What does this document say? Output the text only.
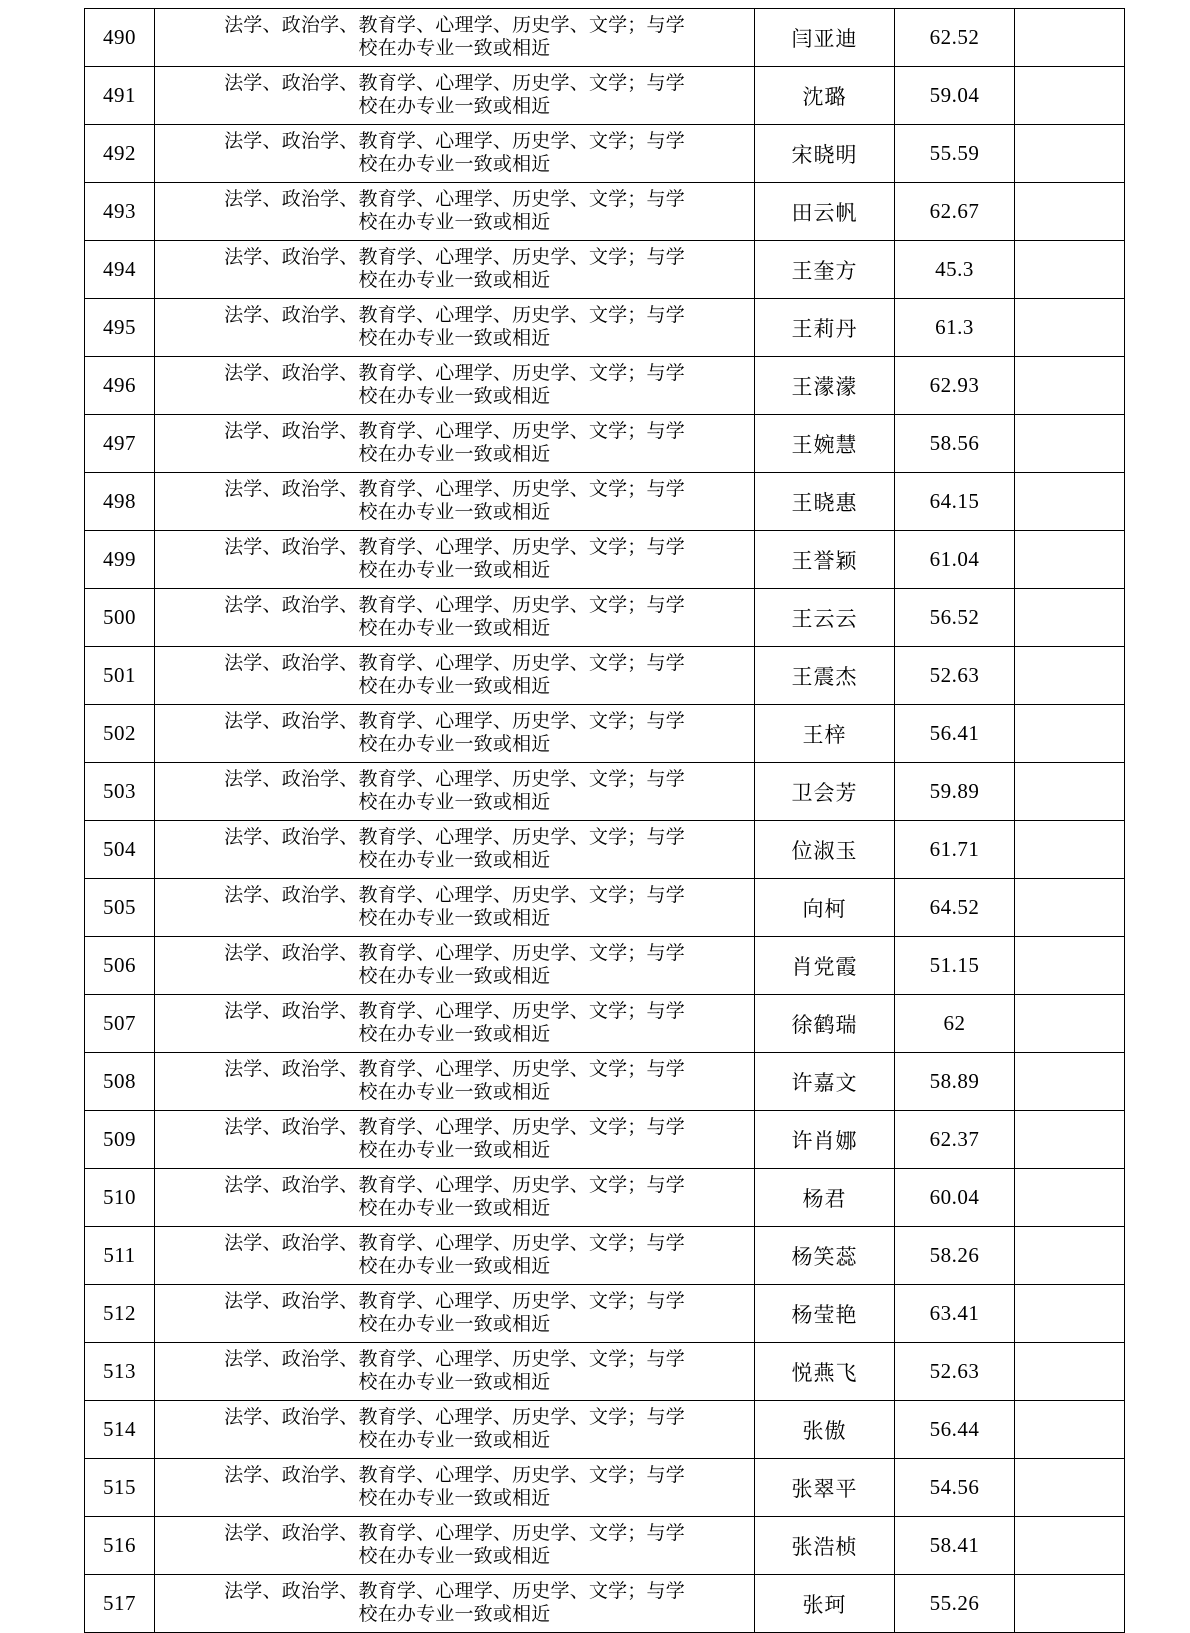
490	法学、政治学、教育学、心理学、历史学、文学；与学
校在办专业一致或相近	闫亚迪	62.52	
491	法学、政治学、教育学、心理学、历史学、文学；与学
校在办专业一致或相近	沈璐	59.04	
492	法学、政治学、教育学、心理学、历史学、文学；与学
校在办专业一致或相近	宋晓明	55.59	
493	法学、政治学、教育学、心理学、历史学、文学；与学
校在办专业一致或相近	田云帆	62.67	
494	法学、政治学、教育学、心理学、历史学、文学；与学
校在办专业一致或相近	王奎方	45.3	
495	法学、政治学、教育学、心理学、历史学、文学；与学
校在办专业一致或相近	王莉丹	61.3	
496	法学、政治学、教育学、心理学、历史学、文学；与学
校在办专业一致或相近	王濛濛	62.93	
497	法学、政治学、教育学、心理学、历史学、文学；与学
校在办专业一致或相近	王婉慧	58.56	
498	法学、政治学、教育学、心理学、历史学、文学；与学
校在办专业一致或相近	王晓惠	64.15	
499	法学、政治学、教育学、心理学、历史学、文学；与学
校在办专业一致或相近	王誉颖	61.04	
500	法学、政治学、教育学、心理学、历史学、文学；与学
校在办专业一致或相近	王云云	56.52	
501	法学、政治学、教育学、心理学、历史学、文学；与学
校在办专业一致或相近	王震杰	52.63	
502	法学、政治学、教育学、心理学、历史学、文学；与学
校在办专业一致或相近	王梓	56.41	
503	法学、政治学、教育学、心理学、历史学、文学；与学
校在办专业一致或相近	卫会芳	59.89	
504	法学、政治学、教育学、心理学、历史学、文学；与学
校在办专业一致或相近	位淑玉	61.71	
505	法学、政治学、教育学、心理学、历史学、文学；与学
校在办专业一致或相近	向柯	64.52	
506	法学、政治学、教育学、心理学、历史学、文学；与学
校在办专业一致或相近	肖党霞	51.15	
507	法学、政治学、教育学、心理学、历史学、文学；与学
校在办专业一致或相近	徐鹤瑞	62	
508	法学、政治学、教育学、心理学、历史学、文学；与学
校在办专业一致或相近	许嘉文	58.89	
509	法学、政治学、教育学、心理学、历史学、文学；与学
校在办专业一致或相近	许肖娜	62.37	
510	法学、政治学、教育学、心理学、历史学、文学；与学
校在办专业一致或相近	杨君	60.04	
511	法学、政治学、教育学、心理学、历史学、文学；与学
校在办专业一致或相近	杨笑蕊	58.26	
512	法学、政治学、教育学、心理学、历史学、文学；与学
校在办专业一致或相近	杨莹艳	63.41	
513	法学、政治学、教育学、心理学、历史学、文学；与学
校在办专业一致或相近	悦燕飞	52.63	
514	法学、政治学、教育学、心理学、历史学、文学；与学
校在办专业一致或相近	张傲	56.44	
515	法学、政治学、教育学、心理学、历史学、文学；与学
校在办专业一致或相近	张翠平	54.56	
516	法学、政治学、教育学、心理学、历史学、文学；与学
校在办专业一致或相近	张浩桢	58.41	
517	法学、政治学、教育学、心理学、历史学、文学；与学
校在办专业一致或相近	张珂	55.26	
